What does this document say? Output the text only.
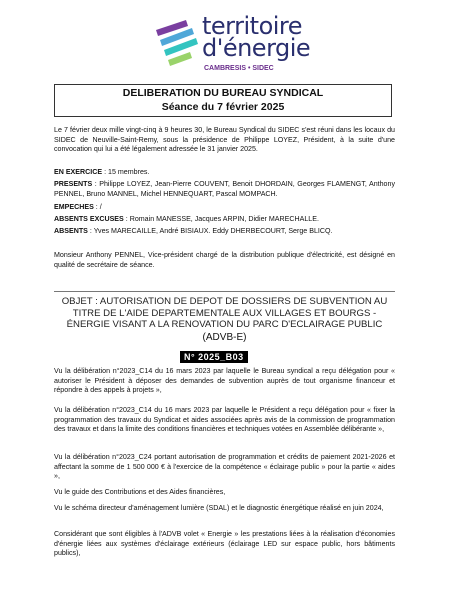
territoire
d'énergie
CAMBRESIS • SIDEC
DELIBERATION DU BUREAU SYNDICAL
Séance du 7 février 2025
Le 7 février deux mille vingt-cinq à 9 heures 30, le Bureau Syndical du SIDEC s'est réuni dans les locaux du SIDEC de Neuville-Saint-Remy, sous la présidence de Philippe LOYEZ, Président, à la suite d'une convocation qui lui a été légalement adressée le 31 janvier 2025.
EN EXERCICE : 15 membres.
PRESENTS : Philippe LOYEZ, Jean-Pierre COUVENT, Benoit DHORDAIN, Georges FLAMENGT, Anthony PENNEL, Bruno MANNEL, Michel HENNEQUART, Pascal MOMPACH.
EMPECHES : /
ABSENTS EXCUSES : Romain MANESSE, Jacques ARPIN, Didier MARECHALLE.
ABSENTS : Yves MARECAILLE, André BISIAUX. Eddy DHERBECOURT, Serge BLICQ.
Monsieur Anthony PENNEL, Vice-président chargé de la distribution publique d'électricité, est désigné en qualité de secrétaire de séance.
OBJET : AUTORISATION DE DEPOT DE DOSSIERS DE SUBVENTION AU TITRE DE L'AIDE DEPARTEMENTALE AUX VILLAGES ET BOURGS - ÉNERGIE VISANT A LA RENOVATION DU PARC D'ECLAIRAGE PUBLIC
(ADVB-E)
N° 2025_B03
Vu la délibération n°2023_C14 du 16 mars 2023 par laquelle le Bureau syndical a reçu délégation pour « autoriser le Président à déposer des demandes de subvention auprès de tout organisme financeur et répondre à des appels à projets »,
Vu la délibération n°2023_C14 du 16 mars 2023 par laquelle le Président a reçu délégation pour « fixer la programmation des travaux du Syndicat et aides associées après avis de la commission de programmation des travaux et dans la limite des conditions financières et techniques votées en Assemblée délibérante »,
Vu la délibération n°2023_C24 portant autorisation de programmation et crédits de paiement 2021-2026 et affectant la somme de 1 500 000 € à l'exercice de la compétence « éclairage public » pour la partie « aides »,
Vu le guide des Contributions et des Aides financières,
Vu le schéma directeur d'aménagement lumière (SDAL) et le diagnostic énergétique réalisé en juin 2024,
Considérant que sont éligibles à l'ADVB volet « Energie » les prestations liées à la réalisation d'économies d'énergie liées aux systèmes d'éclairage extérieurs (éclairage LED sur espace public, hors bâtiments publics),
